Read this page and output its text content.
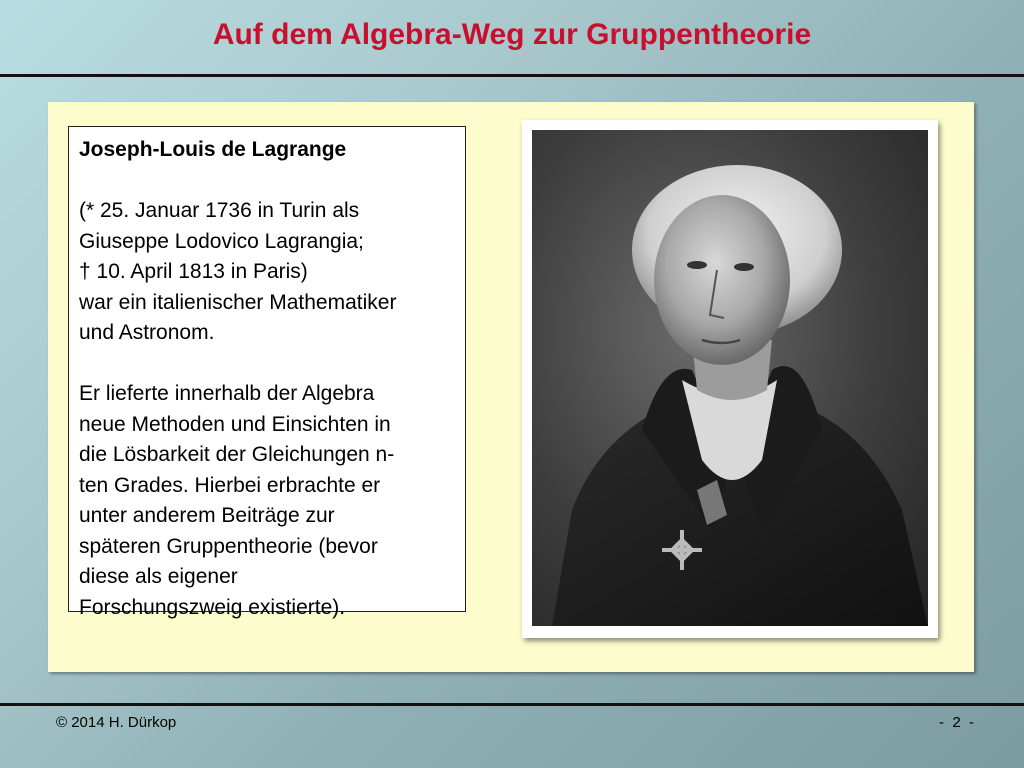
Auf dem Algebra-Weg zur Gruppentheorie

Joseph-Louis de Lagrange

(* 25. Januar 1736 in Turin als

Giuseppe Lodovico Lagrangia;

† 10. April 1813 in Paris)

war ein italienischer Mathematiker

und Astronom.

Er lieferte innerhalb der Algebra

neue Methoden und Einsichten in

die Lösbarkeit der Gleichungen n-

ten Grades. Hierbei erbrachte er

unter anderem Beiträge zur

späteren Gruppentheorie (bevor

diese als eigener

Forschungszweig existierte).

© 2014 H. Dürkop	-  2  -
